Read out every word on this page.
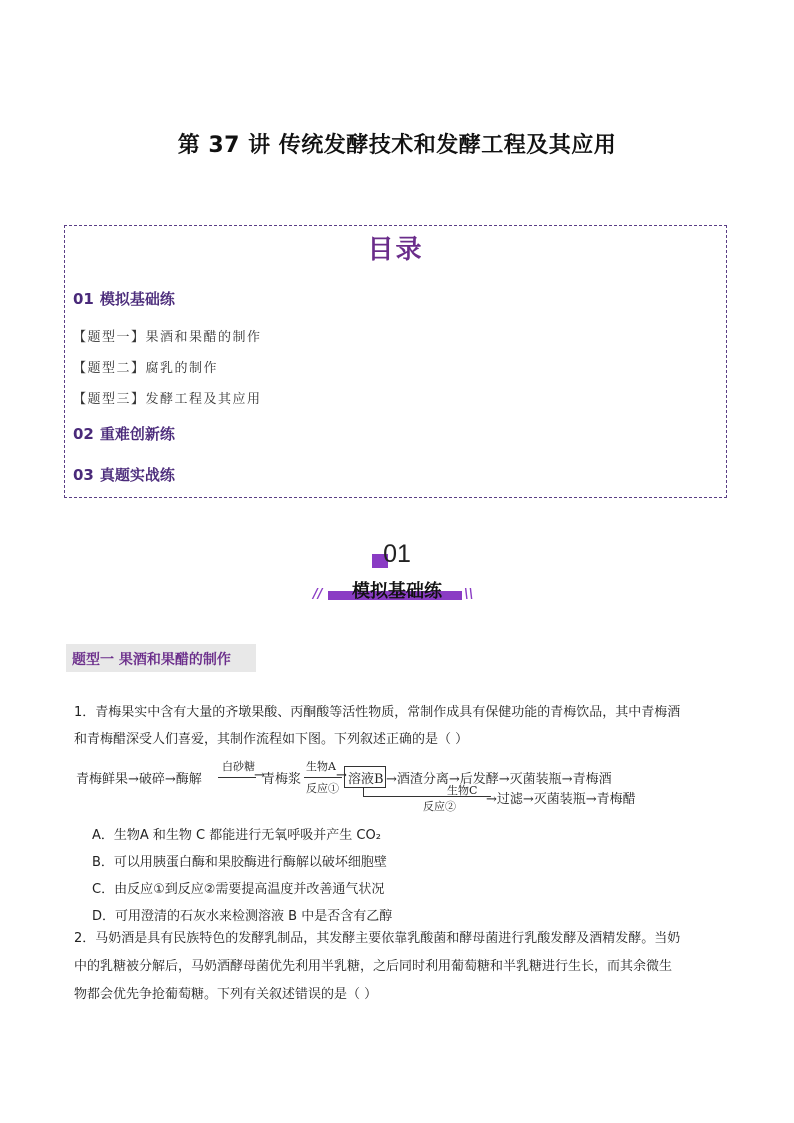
第 37 讲 传统发酵技术和发酵工程及其应用
目录
01 模拟基础练
【题型一】果酒和果醋的制作
【题型二】腐乳的制作
【题型三】发酵工程及其应用
02 重难创新练
03 真题实战练
01
模拟基础练
//	\\
题型一 果酒和果醋的制作
1．青梅果实中含有大量的齐墩果酸、丙酮酸等活性物质，常制作成具有保健功能的青梅饮品，其中青梅酒
和青梅醋深受人们喜爱，其制作流程如下图。下列叙述正确的是（ ）
青梅鲜果→破碎→酶解
白砂糖
→
青梅浆
生物A
→
反应①
溶液B →酒渣分离→后发酵→灭菌装瓶→青梅酒
生物C
反应② →过滤→灭菌装瓶→青梅醋
A．生物A 和生物 C 都能进行无氧呼吸并产生 CO₂
B．可以用胰蛋白酶和果胶酶进行酶解以破坏细胞壁
C．由反应①到反应②需要提高温度并改善通气状况
D．可用澄清的石灰水来检测溶液 B 中是否含有乙醇
2．马奶酒是具有民族特色的发酵乳制品，其发酵主要依靠乳酸菌和酵母菌进行乳酸发酵及酒精发酵。当奶
中的乳糖被分解后，马奶酒酵母菌优先利用半乳糖，之后同时利用葡萄糖和半乳糖进行生长，而其余微生
物都会优先争抢葡萄糖。下列有关叙述错误的是（ ）
